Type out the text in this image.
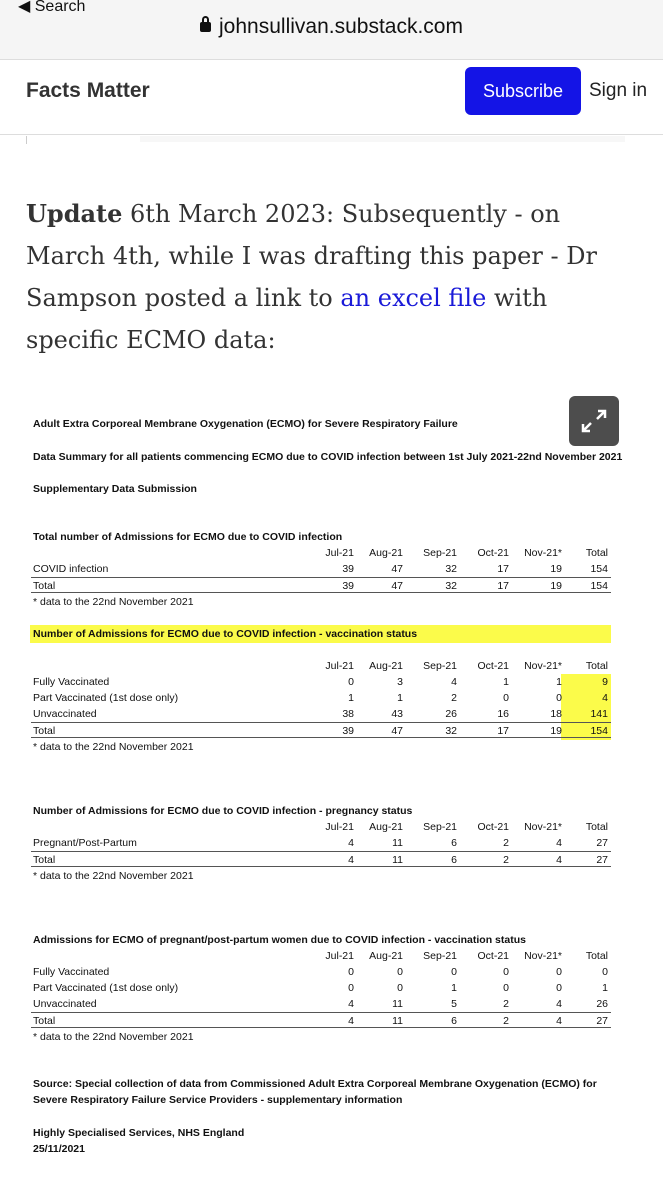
◀ Search
johnsullivan.substack.com
Facts Matter	Subscribe	Sign in

Update 6th March 2023: Subsequently - on March 4th, while I was drafting this paper - Dr Sampson posted a link to an excel file with specific ECMO data:

Adult Extra Corporeal Membrane Oxygenation (ECMO) for Severe Respiratory Failure
Data Summary for all patients commencing ECMO due to COVID infection between 1st July 2021-22nd November 2021
Supplementary Data Submission
Source: Special collection of data from Commissioned Adult Extra Corporeal Membrane Oxygenation (ECMO) for
Severe Respiratory Failure Service Providers - supplementary information
Highly Specialised Services, NHS England
25/11/2021
Total number of Admissions for ECMO due to COVID infection
Jul-21	Aug-21	Sep-21	Oct-21	Nov-21*	Total
COVID infection	39	47	32	17	19	154
Total	39	47	32	17	19	154
* data to the 22nd November 2021
Number of Admissions for ECMO due to COVID infection - vaccination status
Jul-21	Aug-21	Sep-21	Oct-21	Nov-21*	Total
Fully Vaccinated	0	3	4	1	1	9
Part Vaccinated (1st dose only)	1	1	2	0	0	4
Unvaccinated	38	43	26	16	18	141
Total	39	47	32	17	19	154
* data to the 22nd November 2021
Number of Admissions for ECMO due to COVID infection - pregnancy status
Jul-21	Aug-21	Sep-21	Oct-21	Nov-21*	Total
Pregnant/Post-Partum	4	11	6	2	4	27
Total	4	11	6	2	4	27
* data to the 22nd November 2021
Admissions for ECMO of pregnant/post-partum women due to COVID infection - vaccination status
Jul-21	Aug-21	Sep-21	Oct-21	Nov-21*	Total
Fully Vaccinated	0	0	0	0	0	0
Part Vaccinated (1st dose only)	0	0	1	0	0	1
Unvaccinated	4	11	5	2	4	26
Total	4	11	6	2	4	27
* data to the 22nd November 2021
